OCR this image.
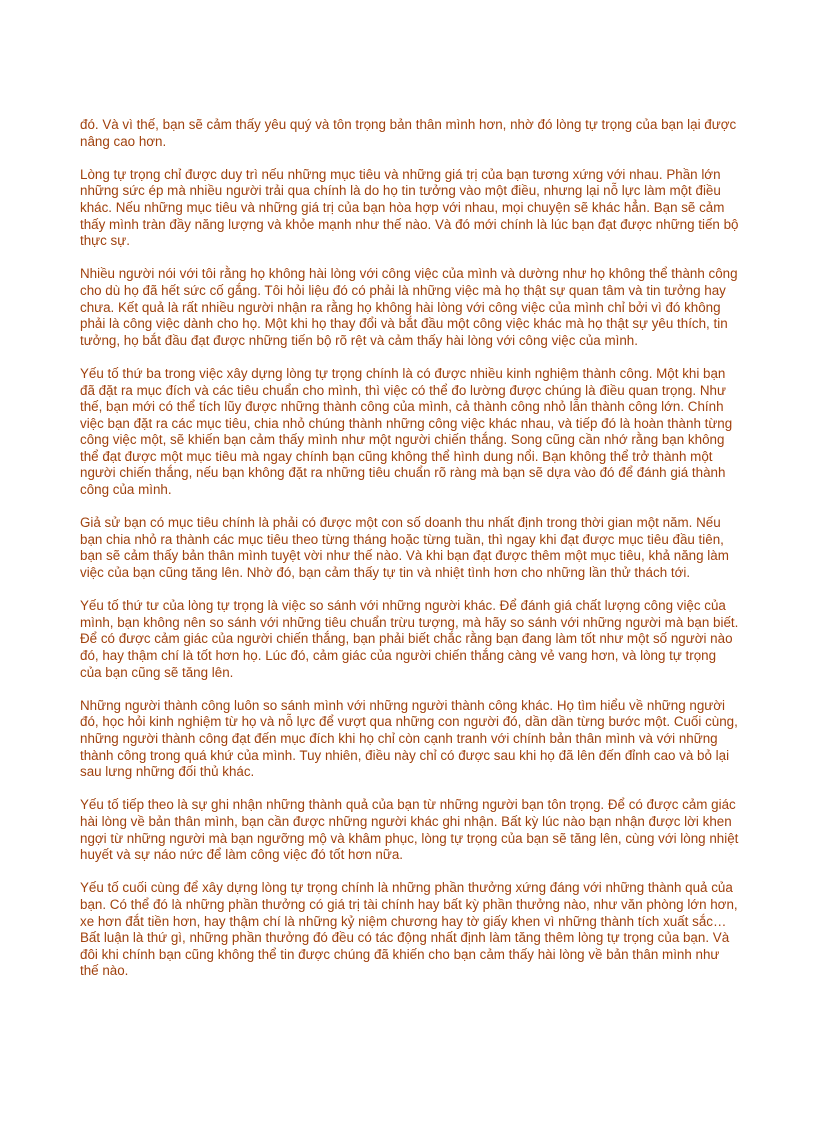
đó. Và vì thế, bạn sẽ cảm thấy yêu quý và tôn trọng bản thân mình hơn, nhờ đó lòng tự trọng của bạn lại được nâng cao hơn.

Lòng tự trọng chỉ được duy trì nếu những mục tiêu và những giá trị của bạn tương xứng với nhau. Phần lớn những sức ép mà nhiều người trải qua chính là do họ tin tưởng vào một điều, nhưng lại nỗ lực làm một điều khác. Nếu những mục tiêu và những giá trị của bạn hòa hợp với nhau, mọi chuyện sẽ khác hẳn. Bạn sẽ cảm thấy mình tràn đầy năng lượng và khỏe mạnh như thế nào. Và đó mới chính là lúc bạn đạt được những tiến bộ thực sự.

Nhiều người nói với tôi rằng họ không hài lòng với công việc của mình và dường như họ không thể thành công cho dù họ đã hết sức cố gắng. Tôi hỏi liệu đó có phải là những việc mà họ thật sự quan tâm và tin tưởng hay chưa. Kết quả là rất nhiều người nhận ra rằng họ không hài lòng với công việc của mình chỉ bởi vì đó không phải là công việc dành cho họ. Một khi họ thay đổi và bắt đầu một công việc khác mà họ thật sự yêu thích, tin tưởng, họ bắt đầu đạt được những tiến bộ rõ rệt và cảm thấy hài lòng với công việc của mình.

Yếu tố thứ ba trong việc xây dựng lòng tự trọng chính là có được nhiều kinh nghiệm thành công. Một khi bạn đã đặt ra mục đích và các tiêu chuẩn cho mình, thì việc có thể đo lường được chúng là điều quan trọng. Như thế, bạn mới có thể tích lũy được những thành công của mình, cả thành công nhỏ lẫn thành công lớn. Chính việc bạn đặt ra các mục tiêu, chia nhỏ chúng thành những công việc khác nhau, và tiếp đó là hoàn thành từng công việc một, sẽ khiến bạn cảm thấy mình như một người chiến thắng. Song cũng cần nhớ rằng bạn không thể đạt được một mục tiêu mà ngay chính bạn cũng không thể hình dung nổi. Bạn không thể trở thành một người chiến thắng, nếu bạn không đặt ra những tiêu chuẩn rõ ràng mà bạn sẽ dựa vào đó để đánh giá thành công của mình.

Giả sử bạn có mục tiêu chính là phải có được một con số doanh thu nhất định trong thời gian một năm. Nếu bạn chia nhỏ ra thành các mục tiêu theo từng tháng hoặc từng tuần, thì ngay khi đạt được mục tiêu đầu tiên, bạn sẽ cảm thấy bản thân mình tuyệt vời như thế nào. Và khi bạn đạt được thêm một mục tiêu, khả năng làm việc của bạn cũng tăng lên. Nhờ đó, bạn cảm thấy tự tin và nhiệt tình hơn cho những lần thử thách tới.

Yếu tố thứ tư của lòng tự trọng là việc so sánh với những người khác. Để đánh giá chất lượng công việc của mình, bạn không nên so sánh với những tiêu chuẩn trừu tượng, mà hãy so sánh với những người mà bạn biết. Để có được cảm giác của người chiến thắng, bạn phải biết chắc rằng bạn đang làm tốt như một số người nào đó, hay thậm chí là tốt hơn họ. Lúc đó, cảm giác của người chiến thắng càng vẻ vang hơn, và lòng tự trọng của bạn cũng sẽ tăng lên.

Những người thành công luôn so sánh mình với những người thành công khác. Họ tìm hiểu về những người đó, học hỏi kinh nghiệm từ họ và nỗ lực để vượt qua những con người đó, dần dần từng bước một. Cuối cùng, những người thành công đạt đến mục đích khi họ chỉ còn cạnh tranh với chính bản thân mình và với những thành công trong quá khứ của mình. Tuy nhiên, điều này chỉ có được sau khi họ đã lên đến đỉnh cao và bỏ lại sau lưng những đối thủ khác.

Yếu tố tiếp theo là sự ghi nhận những thành quả của bạn từ những người bạn tôn trọng. Để có được cảm giác hài lòng về bản thân mình, bạn cần được những người khác ghi nhận. Bất kỳ lúc nào bạn nhận được lời khen ngợi từ những người mà bạn ngưỡng mộ và khâm phục, lòng tự trọng của bạn sẽ tăng lên, cùng với lòng nhiệt huyết và sự náo nức để làm công việc đó tốt hơn nữa.

Yếu tố cuối cùng để xây dựng lòng tự trọng chính là những phần thưởng xứng đáng với những thành quả của bạn. Có thể đó là những phần thưởng có giá trị tài chính hay bất kỳ phần thưởng nào, như văn phòng lớn hơn, xe hơn đắt tiền hơn, hay thậm chí là những kỷ niệm chương hay tờ giấy khen vì những thành tích xuất sắc… Bất luận là thứ gì, những phần thưởng đó đều có tác động nhất định làm tăng thêm lòng tự trọng của bạn. Và đôi khi chính bạn cũng không thể tin được chúng đã khiến cho bạn cảm thấy hài lòng về bản thân mình như thế nào.
